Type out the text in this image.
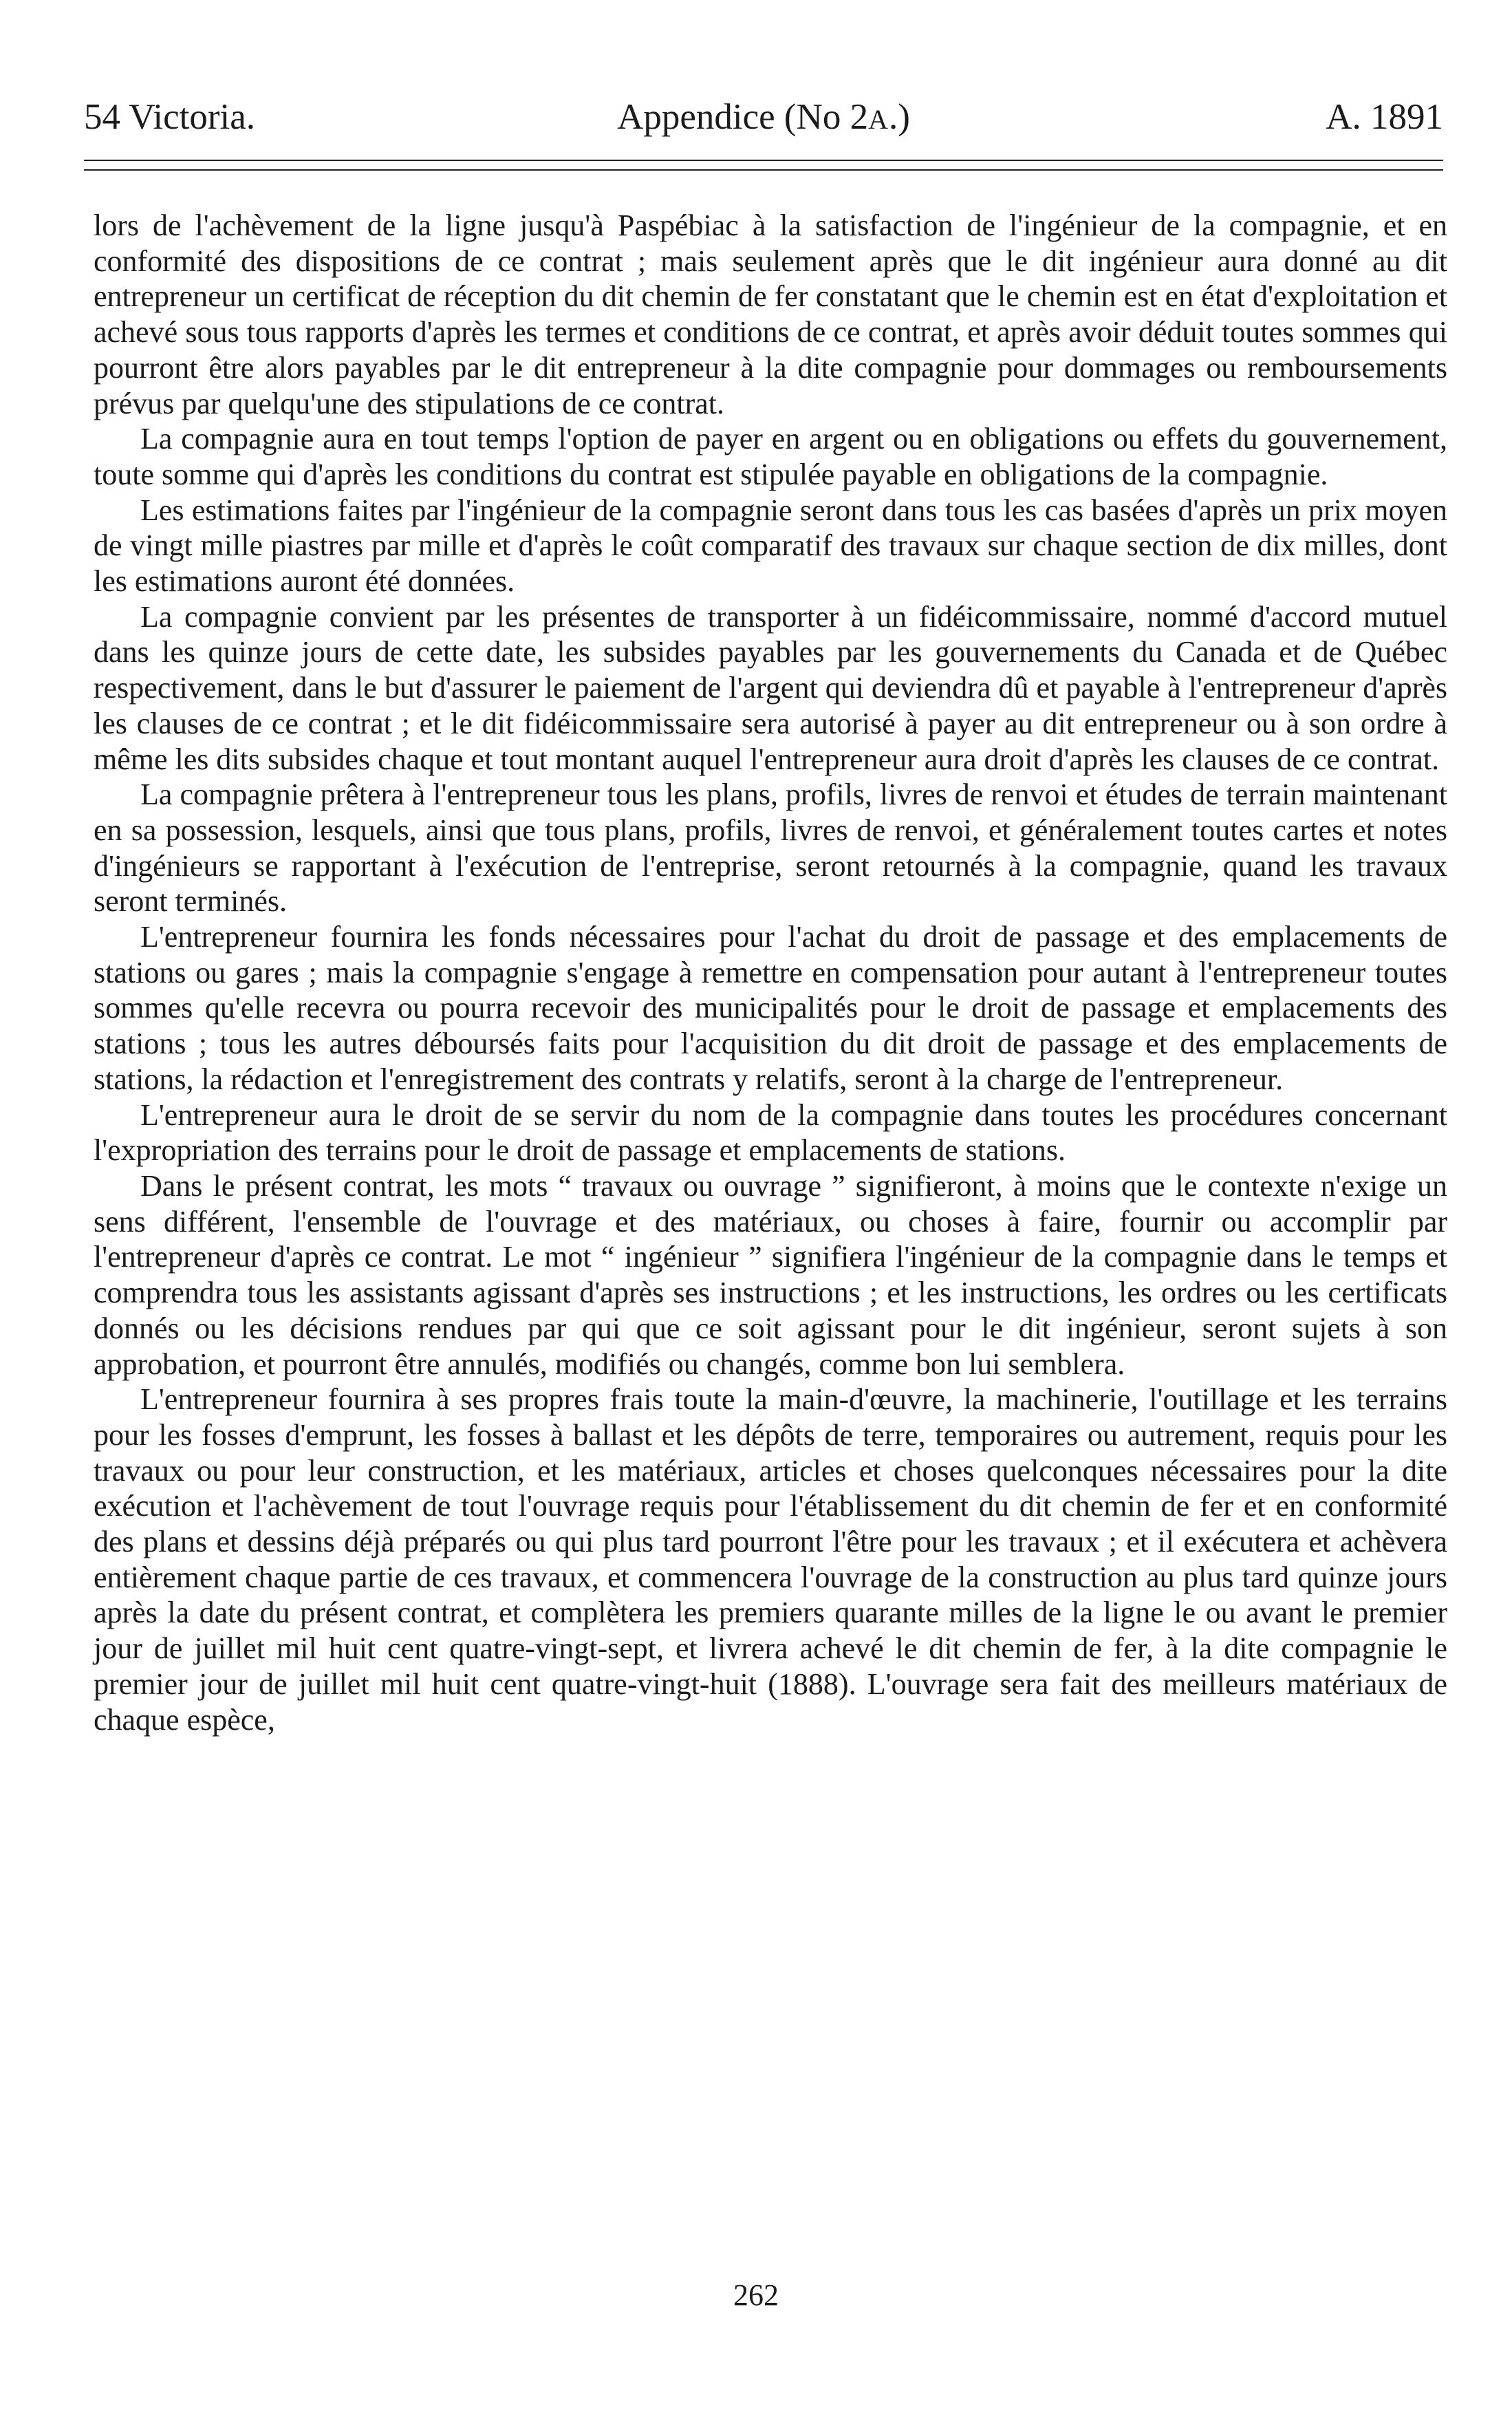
54 Victoria.	Appendice (No 2A.)	A. 1891

lors de l'achèvement de la ligne jusqu'à Paspébiac à la satisfaction de l'ingénieur de la compagnie, et en conformité des dispositions de ce contrat ; mais seulement après que le dit ingénieur aura donné au dit entrepreneur un certificat de réception du dit chemin de fer constatant que le chemin est en état d'exploitation et achevé sous tous rapports d'après les termes et conditions de ce contrat, et après avoir déduit toutes sommes qui pourront être alors payables par le dit entrepreneur à la dite compagnie pour dommages ou remboursements prévus par quelqu'une des stipulations de ce contrat.

La compagnie aura en tout temps l'option de payer en argent ou en obligations ou effets du gouvernement, toute somme qui d'après les conditions du contrat est stipulée payable en obligations de la compagnie.

Les estimations faites par l'ingénieur de la compagnie seront dans tous les cas basées d'après un prix moyen de vingt mille piastres par mille et d'après le coût comparatif des travaux sur chaque section de dix milles, dont les estimations auront été données.

La compagnie convient par les présentes de transporter à un fidéicommissaire, nommé d'accord mutuel dans les quinze jours de cette date, les subsides payables par les gouvernements du Canada et de Québec respectivement, dans le but d'assurer le paiement de l'argent qui deviendra dû et payable à l'entrepreneur d'après les clauses de ce contrat ; et le dit fidéicommissaire sera autorisé à payer au dit entrepreneur ou à son ordre à même les dits subsides chaque et tout montant auquel l'entrepreneur aura droit d'après les clauses de ce contrat.

La compagnie prêtera à l'entrepreneur tous les plans, profils, livres de renvoi et études de terrain maintenant en sa possession, lesquels, ainsi que tous plans, profils, livres de renvoi, et généralement toutes cartes et notes d'ingénieurs se rapportant à l'exécution de l'entreprise, seront retournés à la compagnie, quand les travaux seront terminés.

L'entrepreneur fournira les fonds nécessaires pour l'achat du droit de passage et des emplacements de stations ou gares ; mais la compagnie s'engage à remettre en compensation pour autant à l'entrepreneur toutes sommes qu'elle recevra ou pourra recevoir des municipalités pour le droit de passage et emplacements des stations ; tous les autres déboursés faits pour l'acquisition du dit droit de passage et des emplacements de stations, la rédaction et l'enregistrement des contrats y relatifs, seront à la charge de l'entrepreneur.

L'entrepreneur aura le droit de se servir du nom de la compagnie dans toutes les procédures concernant l'expropriation des terrains pour le droit de passage et emplacements de stations.

Dans le présent contrat, les mots “ travaux ou ouvrage ” signifieront, à moins que le contexte n'exige un sens différent, l'ensemble de l'ouvrage et des matériaux, ou choses à faire, fournir ou accomplir par l'entrepreneur d'après ce contrat. Le mot “ ingénieur ” signifiera l'ingénieur de la compagnie dans le temps et comprendra tous les assistants agissant d'après ses instructions ; et les instructions, les ordres ou les certificats donnés ou les décisions rendues par qui que ce soit agissant pour le dit ingénieur, seront sujets à son approbation, et pourront être annulés, modifiés ou changés, comme bon lui semblera.

L'entrepreneur fournira à ses propres frais toute la main-d'œuvre, la machinerie, l'outillage et les terrains pour les fosses d'emprunt, les fosses à ballast et les dépôts de terre, temporaires ou autrement, requis pour les travaux ou pour leur construction, et les matériaux, articles et choses quelconques nécessaires pour la dite exécution et l'achèvement de tout l'ouvrage requis pour l'établissement du dit chemin de fer et en conformité des plans et dessins déjà préparés ou qui plus tard pourront l'être pour les travaux ; et il exécutera et achèvera entièrement chaque partie de ces travaux, et commencera l'ouvrage de la construction au plus tard quinze jours après la date du présent contrat, et complètera les premiers quarante milles de la ligne le ou avant le premier jour de juillet mil huit cent quatre-vingt-sept, et livrera achevé le dit chemin de fer, à la dite compagnie le premier jour de juillet mil huit cent quatre-vingt-huit (1888). L'ouvrage sera fait des meilleurs matériaux de chaque espèce,

262
